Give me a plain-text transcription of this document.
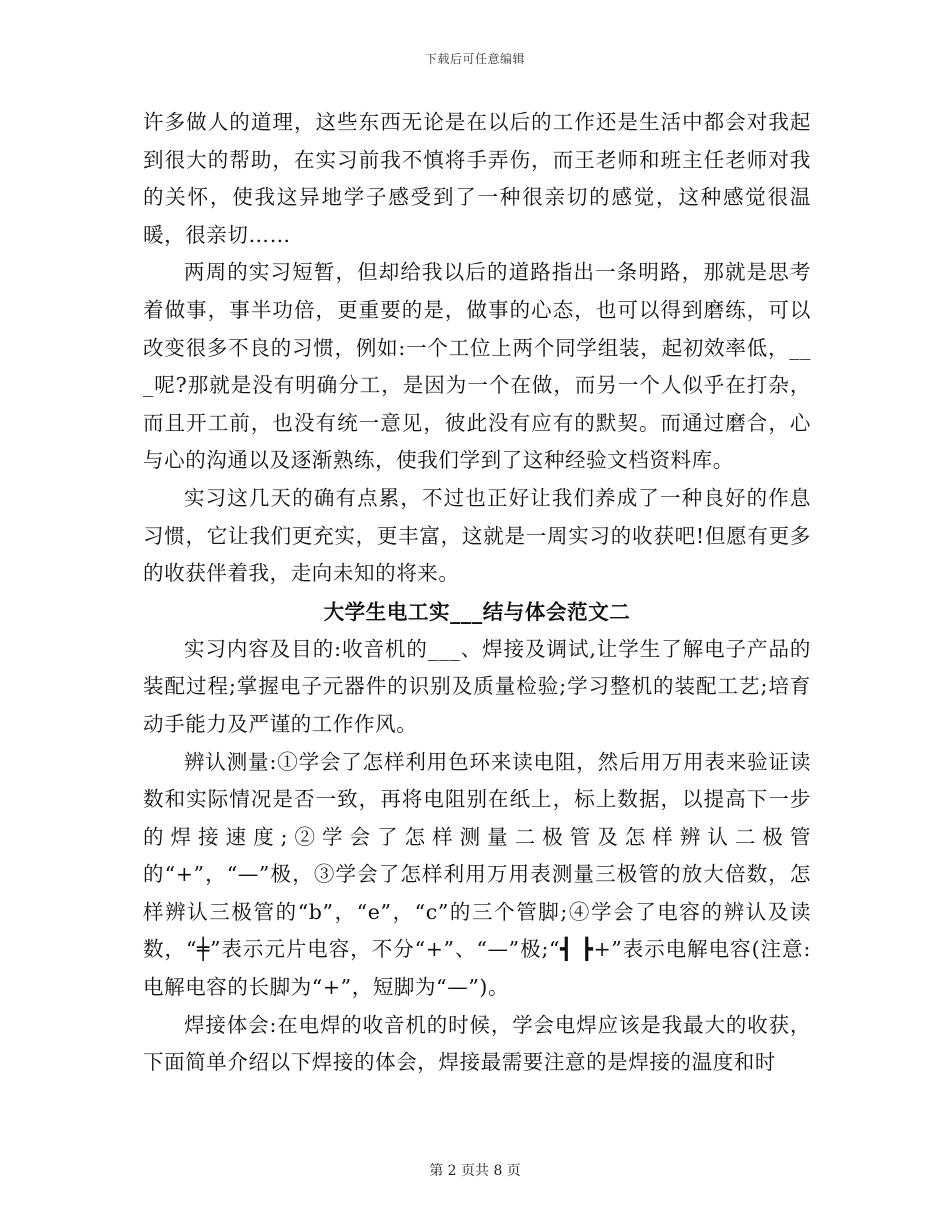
下载后可任意编辑

许多做人的道理，这些东西无论是在以后的工作还是生活中都会对我起到很大的帮助，在实习前我不慎将手弄伤，而王老师和班主任老师对我的关怀，使我这异地学子感受到了一种很亲切的感觉，这种感觉很温暖，很亲切……

两周的实习短暂，但却给我以后的道路指出一条明路，那就是思考着做事，事半功倍，更重要的是，做事的心态，也可以得到磨练，可以改变很多不良的习惯，例如:一个工位上两个同学组装，起初效率低，___呢?那就是没有明确分工，是因为一个在做，而另一个人似乎在打杂，而且开工前，也没有统一意见，彼此没有应有的默契。而通过磨合，心与心的沟通以及逐渐熟练，使我们学到了这种经验文档资料库。

实习这几天的确有点累，不过也正好让我们养成了一种良好的作息习惯，它让我们更充实，更丰富，这就是一周实习的收获吧!但愿有更多的收获伴着我，走向未知的将来。

大学生电工实___结与体会范文二

实习内容及目的:收音机的___、焊接及调试,让学生了解电子产品的装配过程;掌握电子元器件的识别及质量检验;学习整机的装配工艺;培育动手能力及严谨的工作作风。

辨认测量:①学会了怎样利用色环来读电阻，然后用万用表来验证读数和实际情况是否一致，再将电阻别在纸上，标上数据，以提高下一步的焊接速度;②学会了怎样测量二极管及怎样辨认二极管的“+”，“—”极，③学会了怎样利用万用表测量三极管的放大倍数，怎样辨认三极管的“b”，“e”，“c”的三个管脚;④学会了电容的辨认及读数，“╪”表示元片电容，不分“+”、“—”极;“┫ ┣+”表示电解电容(注意:电解电容的长脚为“+”，短脚为“—”)。

焊接体会:在电焊的收音机的时候，学会电焊应该是我最大的收获，下面简单介绍以下焊接的体会，焊接最需要注意的是焊接的温度和时

第 2 页共 8 页
